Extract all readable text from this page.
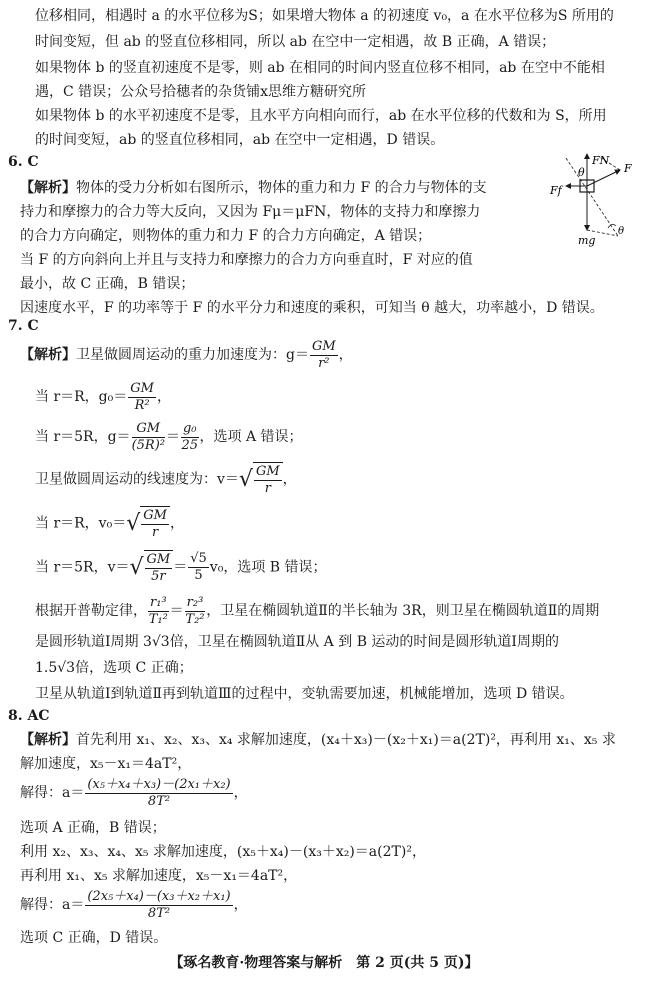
位移相同，相遇时 a 的水平位移为S；如果增大物体 a 的初速度 v₀，a 在水平位移为S 所用的
时间变短，但 ab 的竖直位移相同，所以 ab 在空中一定相遇，故 B 正确，A 错误；
如果物体 b 的竖直初速度不是零，则 ab 在相同的时间内竖直位移不相同，ab 在空中不能相
遇，C 错误；公众号拾穗者的杂货铺x思维方糖研究所
如果物体 b 的水平初速度不是零，且水平方向相向而行，ab 在水平位移的代数和为 S，所用
的时间变短，ab 的竖直位移相同，ab 在空中一定相遇，D 错误。
6. C
【解析】物体的受力分析如右图所示，物体的重力和力 F 的合力与物体的支
持力和摩擦力的合力等大反向，又因为 Fμ＝μFN，物体的支持力和摩擦力
的合力方向确定，则物体的重力和力 F 的合力方向确定，A 错误；
当 F 的方向斜向上并且与支持力和摩擦力的合力方向垂直时，F 对应的值
最小，故 C 正确，B 错误；
因速度水平，F 的功率等于 F 的水平分力和速度的乘积，可知当 θ 越大，功率越小，D 错误。
FN
θ	F
Ff
mg
θ
7. C
【解析】卫星做圆周运动的重力加速度为：$g= \frac{GM}{\text{r²}}$ ，
当 r＝R，$g_0= \frac{GM}{\text{R²}}$ ，
当 r＝5R，$g= \frac{GM}{\text{(5R)²}} = \frac{\text{g₀}}{25}$ ，选项 A 错误；
卫星做圆周运动的线速度为：$v=√ \frac{GM}{r}$ ，
当 r＝R，$v_0=√ \frac{GM}{r}$ ，
当 r＝5R，$v=√ \frac{GM}{5r} = \frac{√5}{5} v_0$，选项 B 错误；
根据开普勒定律， $\frac{\text{r₁³}}{\text{T₁²}} = \frac{\text{r₂³}}{\text{T₂²}}$ ，卫星在椭圆轨道Ⅱ的半长轴为 3R，则卫星在椭圆轨道Ⅱ的周期
是圆形轨道Ⅰ周期 3√3倍，卫星在椭圆轨道Ⅱ从 A 到 B 运动的时间是圆形轨道Ⅰ周期的
1.5√3倍，选项 C 正确；
卫星从轨道Ⅰ到轨道Ⅱ再到轨道Ⅲ的过程中，变轨需要加速，机械能增加，选项 D 错误。
8. AC
【解析】首先利用 x₁、x₂、x₃、x₄ 求解加速度，(x₄＋x₃)－(x₂＋x₁)＝a(2T)²，再利用 x₁、x₅ 求
解加速度，x₅－x₁＝4aT²，
解得：$a= \frac{\text{(x₅＋x₄＋x₃)－(2x₁＋x₂)}}{\text{8T²}}$ ，
选项 A 正确，B 错误；
利用 x₂、x₃、x₄、x₅ 求解加速度，(x₅＋x₄)－(x₃＋x₂)＝a(2T)²，
再利用 x₁、x₅ 求解加速度，x₅－x₁＝4aT²，
解得：$a= \frac{\text{(2x₅＋x₄)－(x₃＋x₂＋x₁)}}{\text{8T²}}$ ，
选项 C 正确，D 错误。
【琢名教育·物理答案与解析　第 2 页(共 5 页)】
